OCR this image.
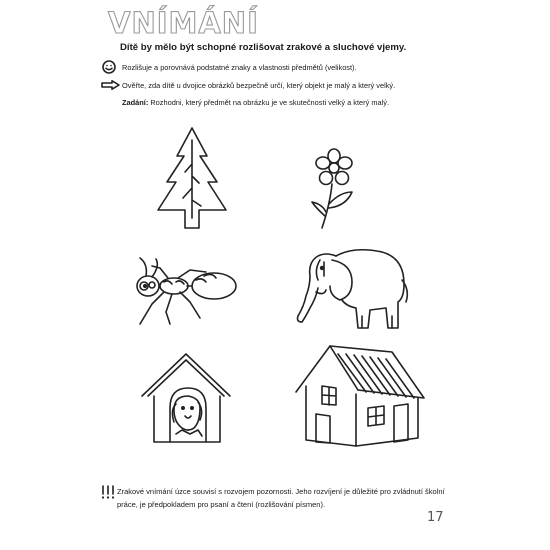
VNÍMÁNÍ
Dítě by mělo být schopné rozlišovat zrakové a sluchové vjemy.
Rozlišuje a porovnává podstatné znaky a vlastnosti předmětů (velikost).
Ověřte, zda dítě u dvojice obrázků bezpečně určí, který objekt je malý a který velký.
Zadání: Rozhodni, který předmět na obrázku je ve skutečnosti velký a který malý.
Zrakové vnímání úzce souvisí s rozvojem pozornosti. Jeho rozvíjení je důležité pro zvládnutí školní práce, je předpokladem pro psaní a čtení (rozlišování písmen).
17
